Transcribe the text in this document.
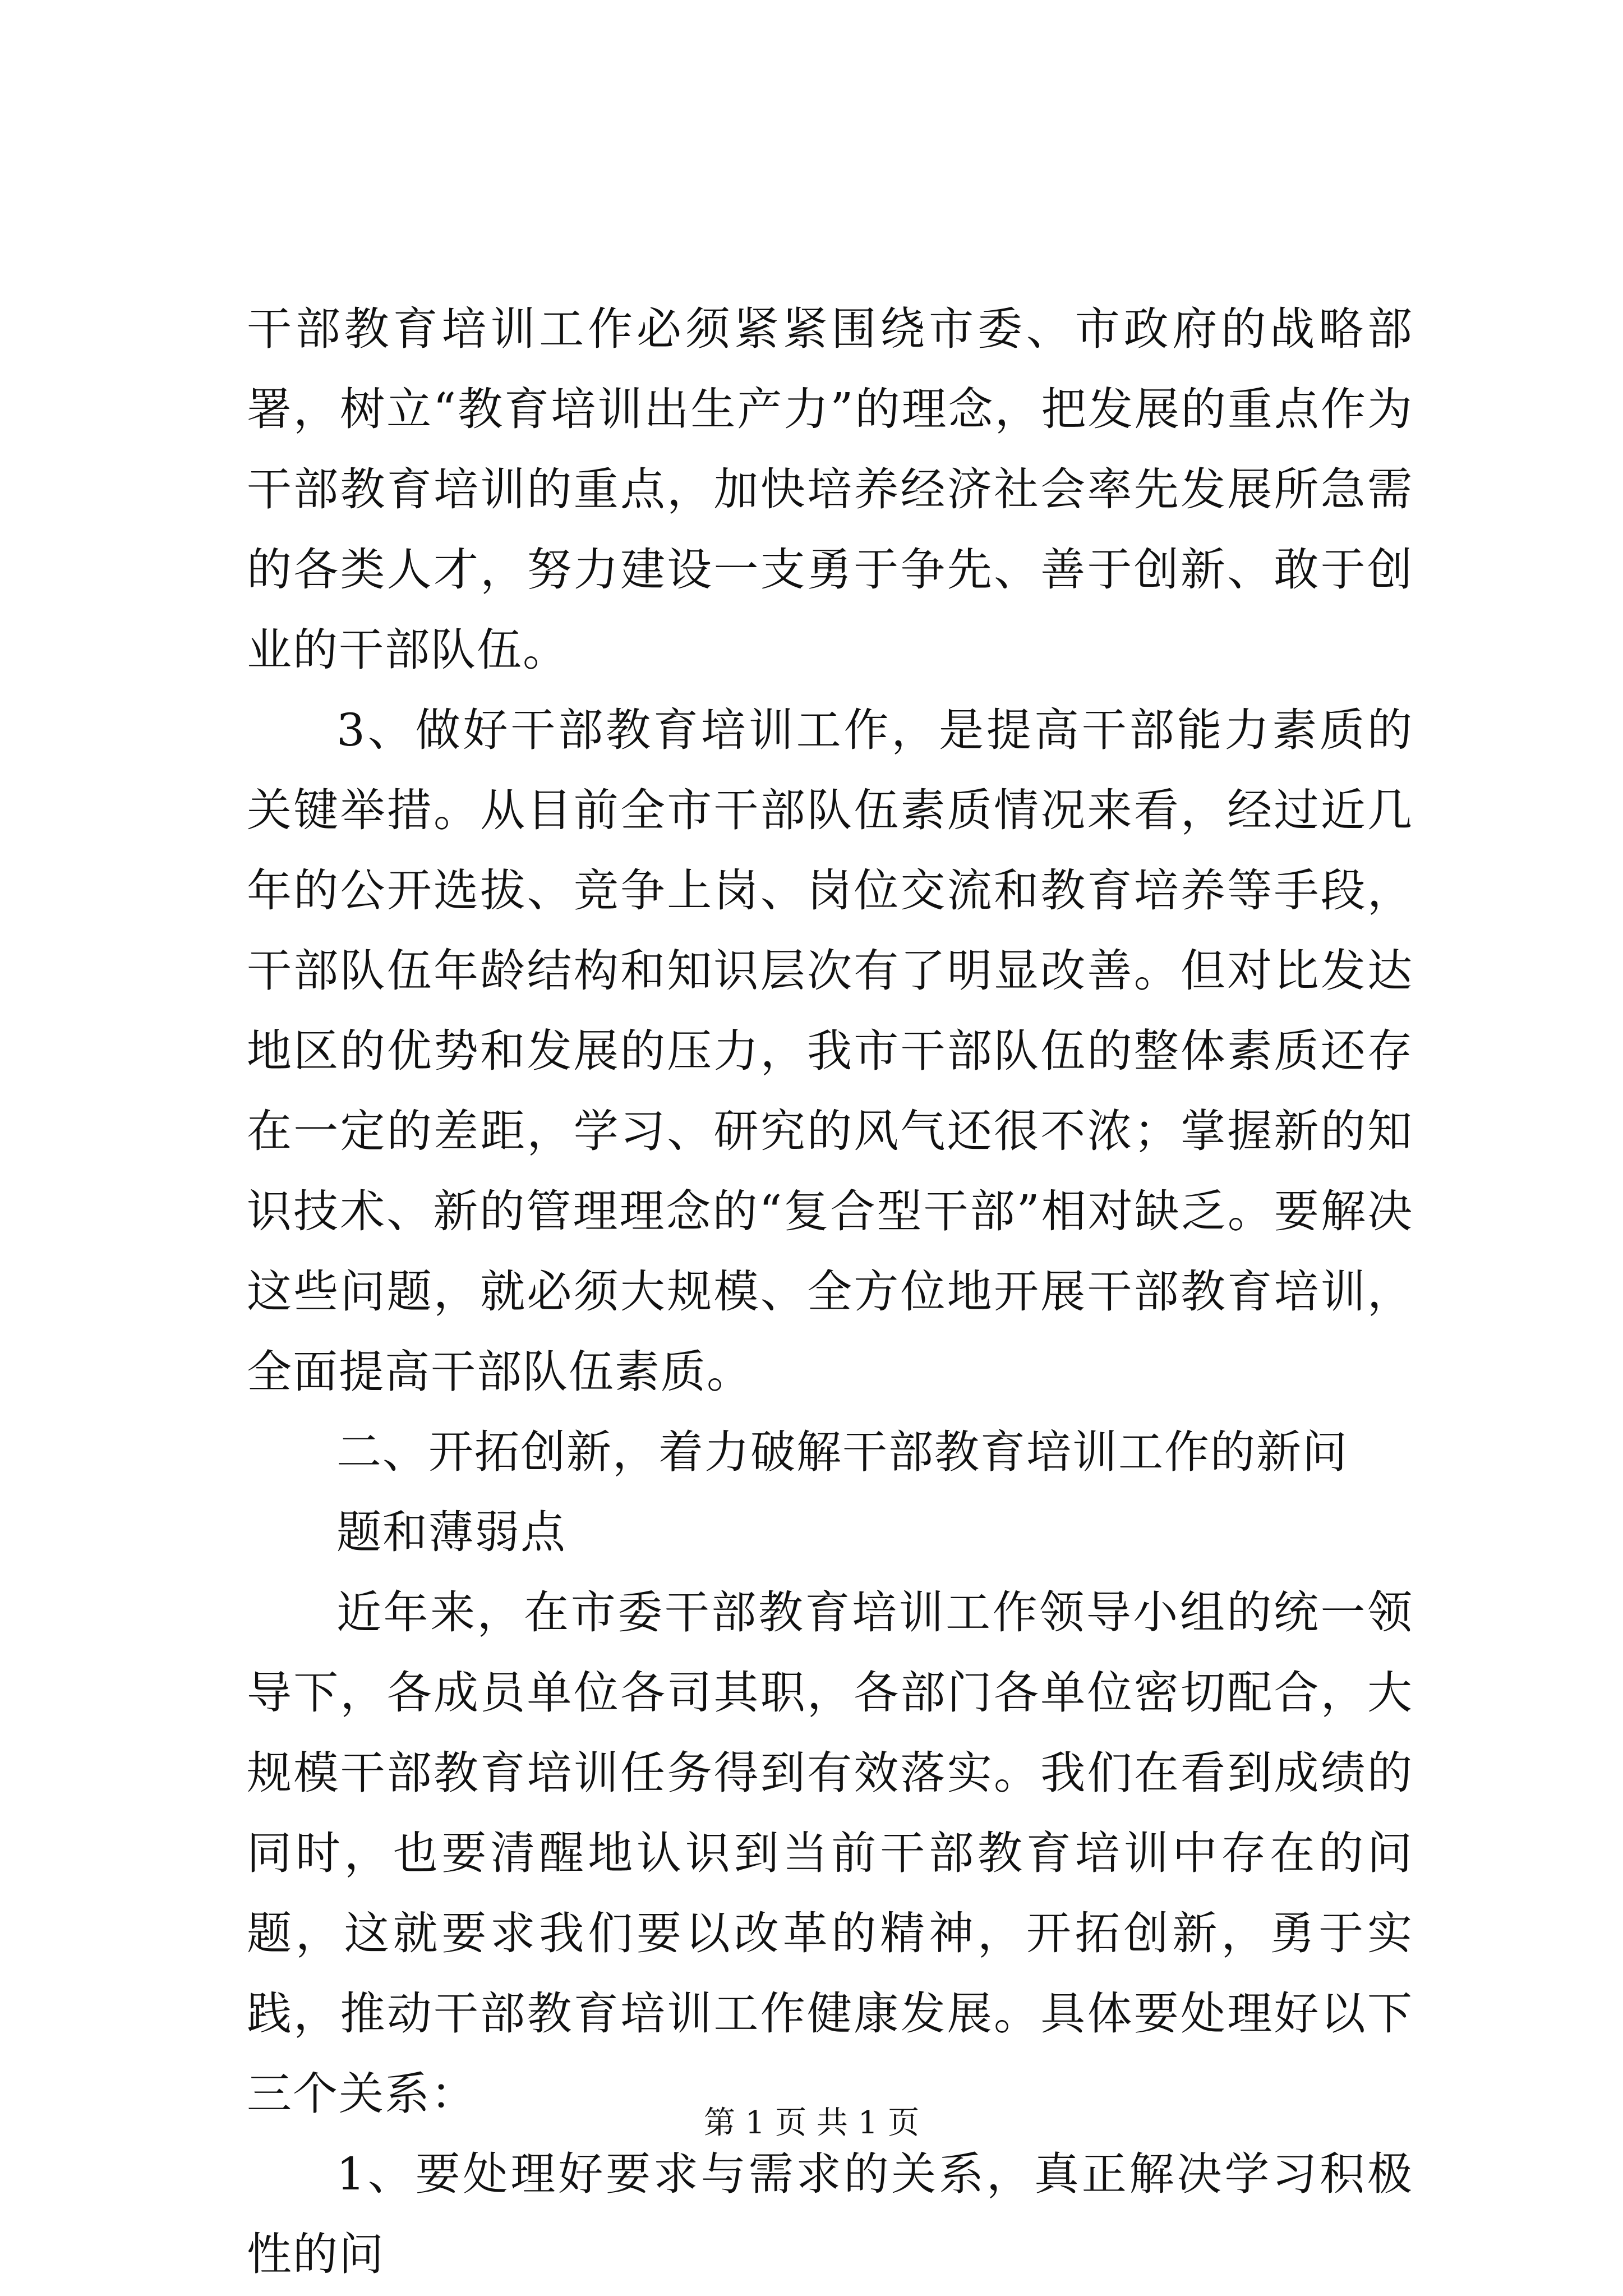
干部教育培训工作必须紧紧围绕市委、市政府的战略部署，树立“教育培训出生产力”的理念，把发展的重点作为干部教育培训的重点，加快培养经济社会率先发展所急需的各类人才，努力建设一支勇于争先、善于创新、敢于创业的干部队伍。

3、做好干部教育培训工作，是提高干部能力素质的关键举措。从目前全市干部队伍素质情况来看，经过近几年的公开选拔、竞争上岗、岗位交流和教育培养等手段，干部队伍年龄结构和知识层次有了明显改善。但对比发达地区的优势和发展的压力，我市干部队伍的整体素质还存在一定的差距，学习、研究的风气还很不浓；掌握新的知识技术、新的管理理念的“复合型干部”相对缺乏。要解决这些问题，就必须大规模、全方位地开展干部教育培训，全面提高干部队伍素质。

二、开拓创新，着力破解干部教育培训工作的新问题和薄弱点

近年来，在市委干部教育培训工作领导小组的统一领导下，各成员单位各司其职，各部门各单位密切配合，大规模干部教育培训任务得到有效落实。我们在看到成绩的同时，也要清醒地认识到当前干部教育培训中存在的问题，这就要求我们要以改革的精神，开拓创新，勇于实践，推动干部教育培训工作健康发展。具体要处理好以下三个关系：

1、要处理好要求与需求的关系，真正解决学习积极性的问

第 1 页 共 1 页
